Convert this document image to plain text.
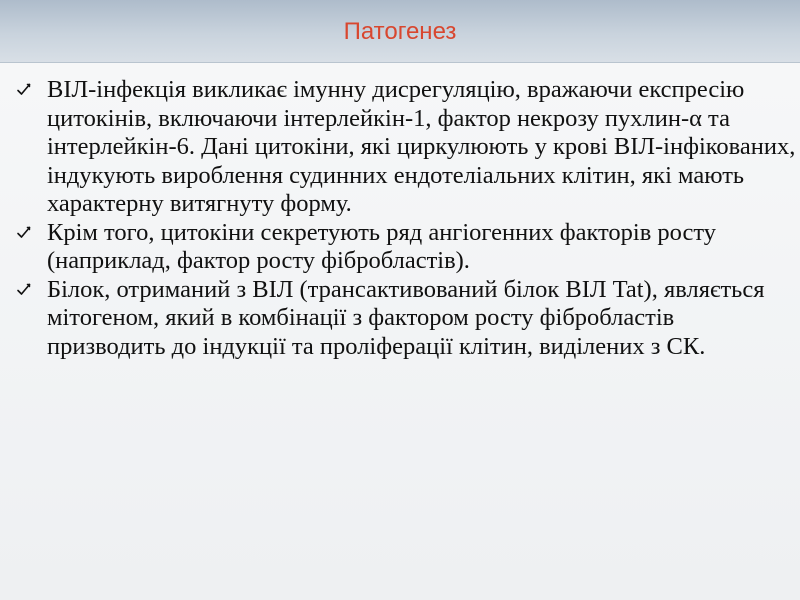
Патогенез
ВІЛ-інфекція викликає імунну дисрегуляцію, вражаючи експресію цитокінів, включаючи інтерлейкін-1, фактор некрозу пухлин-α та інтерлейкін-6. Дані цитокіни, які циркулюють у крові ВІЛ-інфікованих, індукують вироблення судинних ендотеліальних клітин, які мають характерну витягнуту форму.
Крім того, цитокіни секретують ряд ангіогенних факторів росту (наприклад, фактор росту фібробластів).
Білок, отриманий з ВІЛ (трансактивований білок ВІЛ Tat), являється мітогеном, який в комбінації з фактором росту фібробластів призводить до індукції та проліферації клітин, виділених з СК.
